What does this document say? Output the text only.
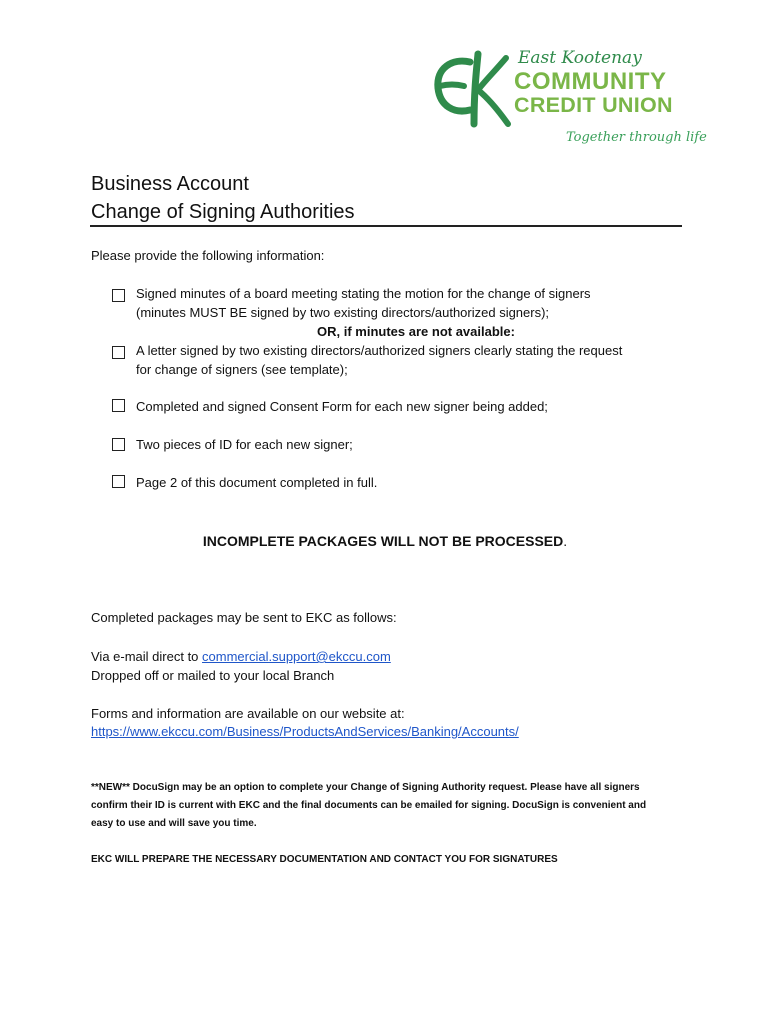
East Kootenay
COMMUNITY
CREDIT UNION
Together through life
Business Account
Change of Signing Authorities
Please provide the following information:
Signed minutes of a board meeting stating the motion for the change of signers
(minutes MUST BE signed by two existing directors/authorized signers);
OR, if minutes are not available:
A letter signed by two existing directors/authorized signers clearly stating the request
for change of signers (see template);
Completed and signed Consent Form for each new signer being added;
Two pieces of ID for each new signer;
Page 2 of this document completed in full.
INCOMPLETE PACKAGES WILL NOT BE PROCESSED.
Completed packages may be sent to EKC as follows:
Via e-mail direct to commercial.support@ekccu.com
Dropped off or mailed to your local Branch
Forms and information are available on our website at:
https://www.ekccu.com/Business/ProductsAndServices/Banking/Accounts/
**NEW** DocuSign may be an option to complete your Change of Signing Authority request. Please have all signers
confirm their ID is current with EKC and the final documents can be emailed for signing. DocuSign is convenient and
easy to use and will save you time.
EKC WILL PREPARE THE NECESSARY DOCUMENTATION AND CONTACT YOU FOR SIGNATURES
